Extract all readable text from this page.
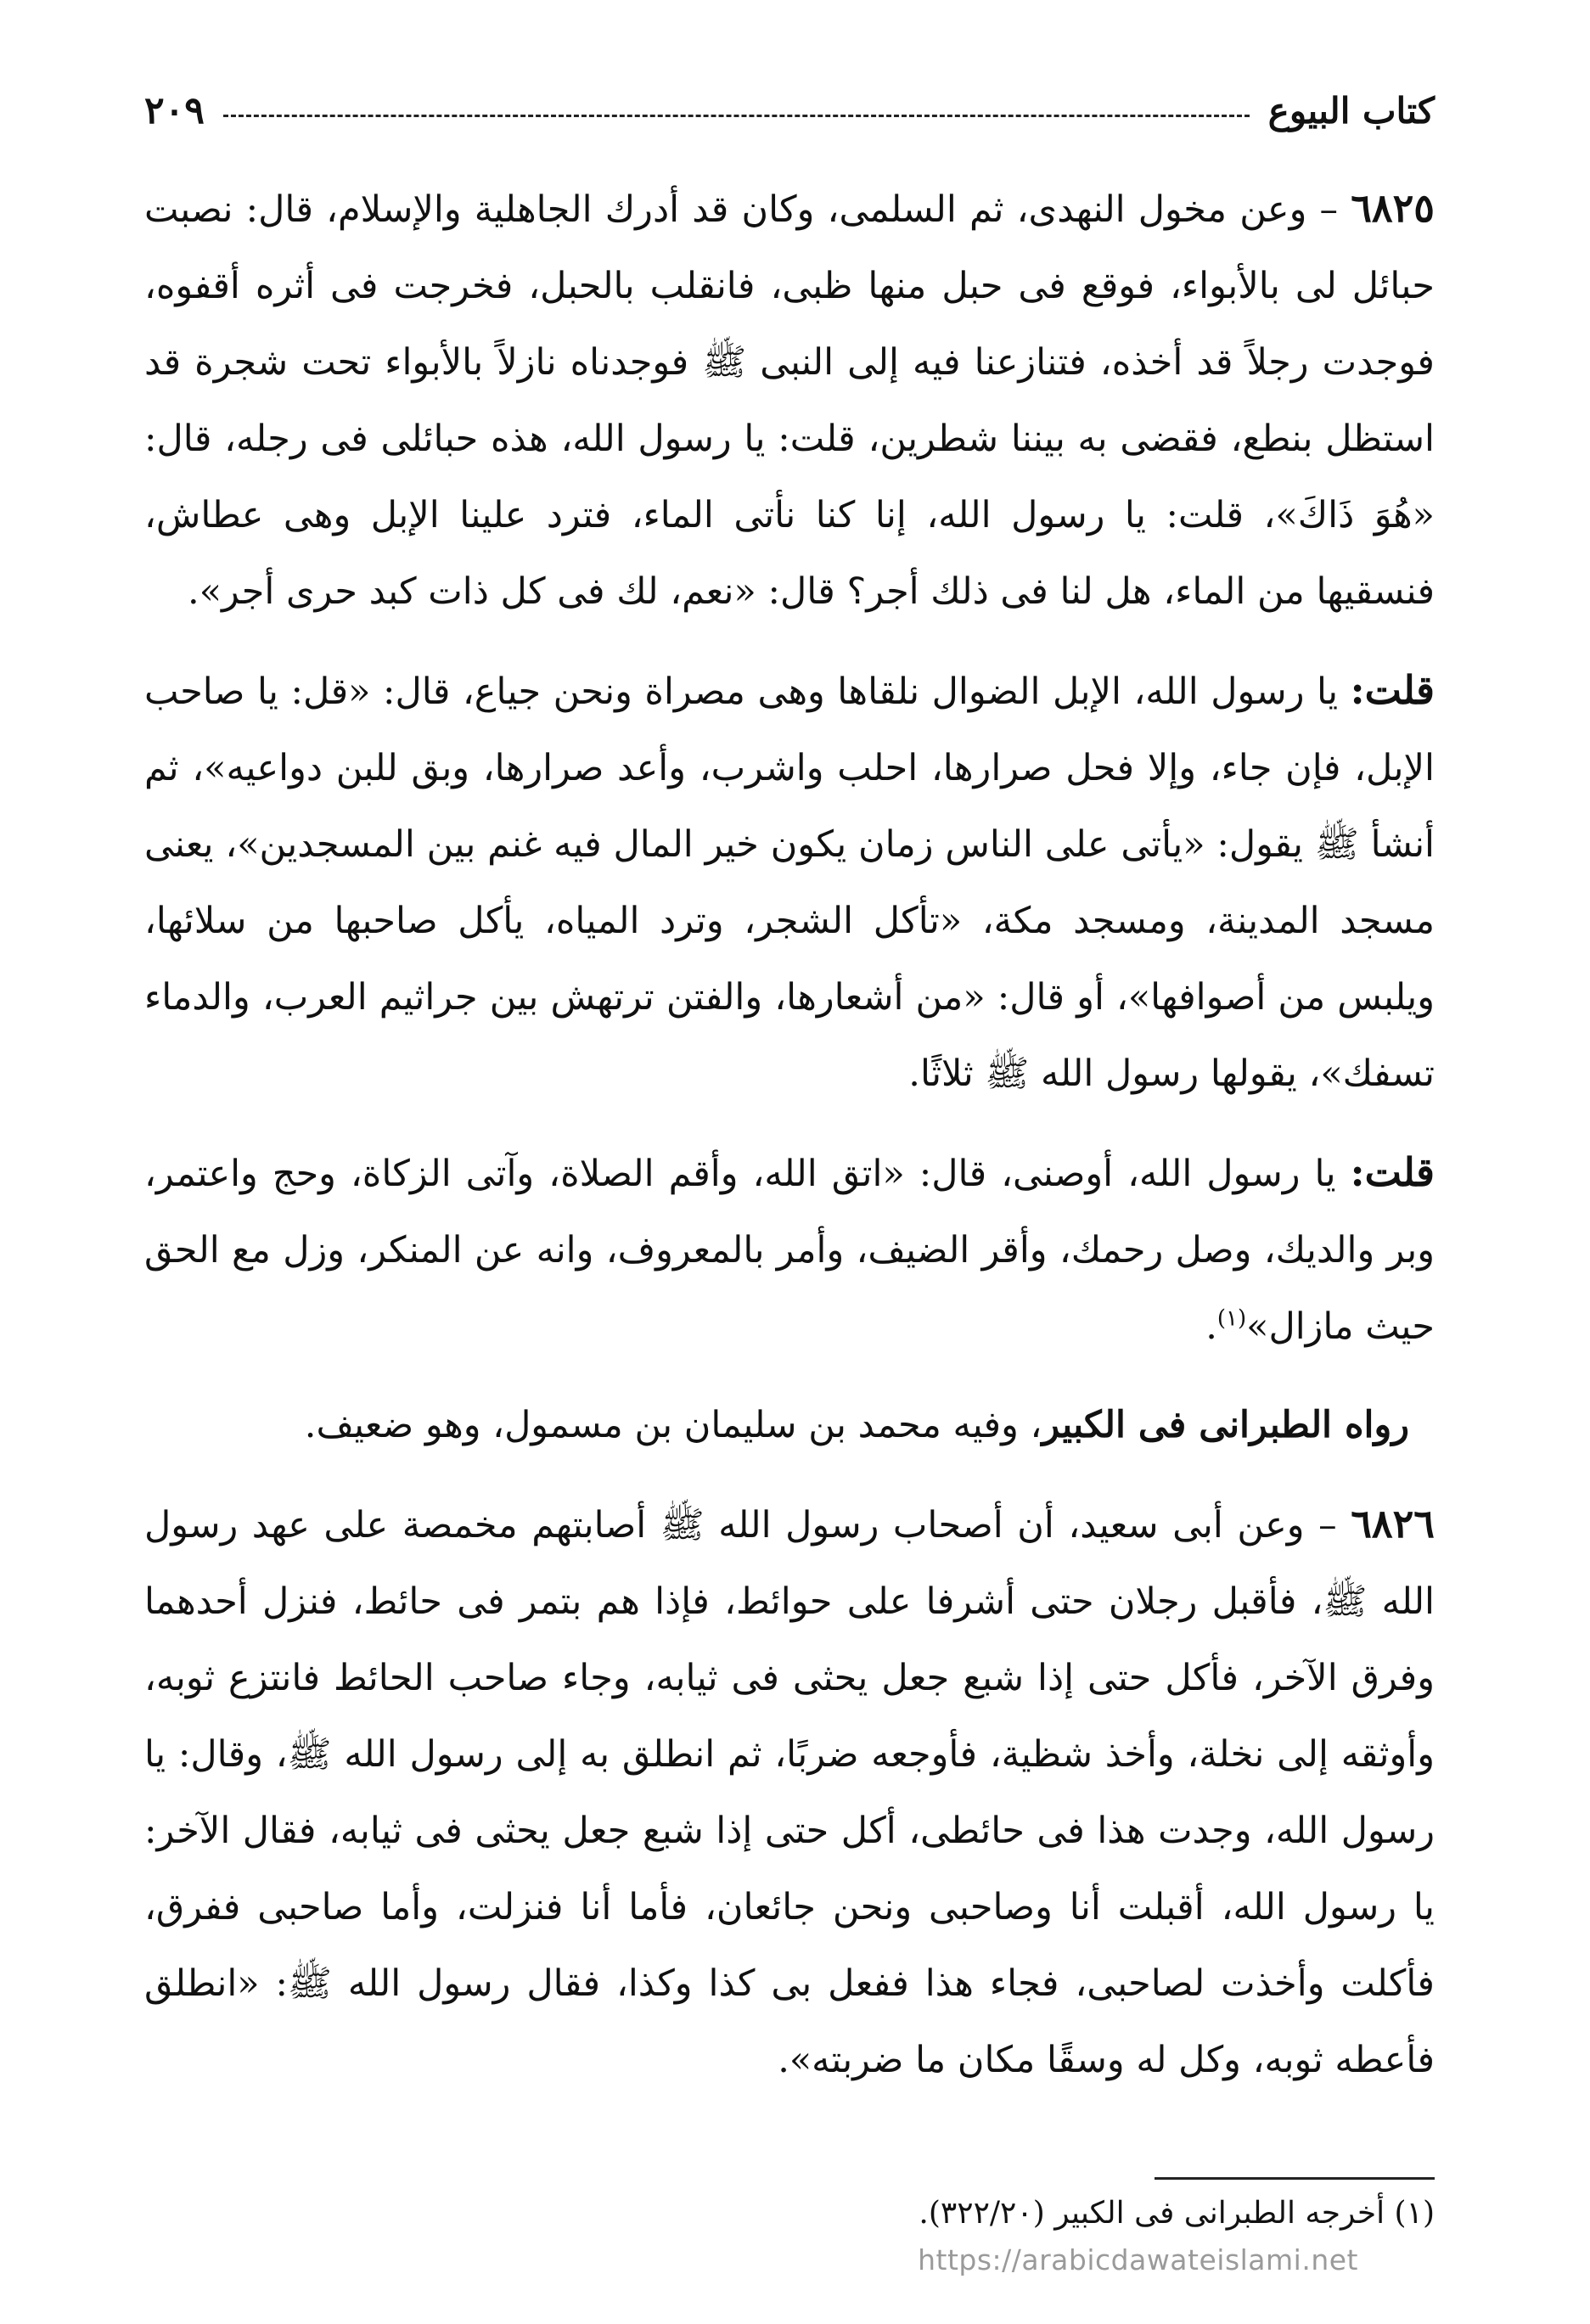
كتاب البيوع
٢٠٩

٦٨٢٥ – وعن مخول النهدى، ثم السلمى، وكان قد أدرك الجاهلية والإسلام، قال: نصبت حبائل لى بالأبواء، فوقع فى حبل منها ظبى، فانقلب بالحبل، فخرجت فى أثره أقفوه، فوجدت رجلاً قد أخذه، فتنازعنا فيه إلى النبى ﷺ فوجدناه نازلاً بالأبواء تحت شجرة قد استظل بنطع، فقضى به بيننا شطرين، قلت: يا رسول الله، هذه حبائلى فى رجله، قال: «هُوَ ذَاكَ»، قلت: يا رسول الله، إنا كنا نأتى الماء، فترد علينا الإبل وهى عطاش، فنسقيها من الماء، هل لنا فى ذلك أجر؟ قال: «نعم، لك فى كل ذات كبد حرى أجر».

قلت: يا رسول الله، الإبل الضوال نلقاها وهى مصراة ونحن جياع، قال: «قل: يا صاحب الإبل، فإن جاء، وإلا فحل صرارها، احلب واشرب، وأعد صرارها، وبق للبن دواعيه»، ثم أنشأ ﷺ يقول: «يأتى على الناس زمان يكون خير المال فيه غنم بين المسجدين»، يعنى مسجد المدينة، ومسجد مكة، «تأكل الشجر، وترد المياه، يأكل صاحبها من سلائها، ويلبس من أصوافها»، أو قال: «من أشعارها، والفتن ترتهش بين جراثيم العرب، والدماء تسفك»، يقولها رسول الله ﷺ ثلاثًا.

قلت: يا رسول الله، أوصنى، قال: «اتق الله، وأقم الصلاة، وآتى الزكاة، وحج واعتمر، وبر والديك، وصل رحمك، وأقر الضيف، وأمر بالمعروف، وانه عن المنكر، وزل مع الحق حيث مازال»$^{(١)}$.

رواه الطبرانى فى الكبير، وفيه محمد بن سليمان بن مسمول، وهو ضعيف.

٦٨٢٦ – وعن أبى سعيد، أن أصحاب رسول الله ﷺ أصابتهم مخمصة على عهد رسول الله ﷺ، فأقبل رجلان حتى أشرفا على حوائط، فإذا هم بتمر فى حائط، فنزل أحدهما وفرق الآخر، فأكل حتى إذا شبع جعل يحثى فى ثيابه، وجاء صاحب الحائط فانتزع ثوبه، وأوثقه إلى نخلة، وأخذ شظية، فأوجعه ضربًا، ثم انطلق به إلى رسول الله ﷺ، وقال: يا رسول الله، وجدت هذا فى حائطى، أكل حتى إذا شبع جعل يحثى فى ثيابه، فقال الآخر: يا رسول الله، أقبلت أنا وصاحبى ونحن جائعان، فأما أنا فنزلت، وأما صاحبى ففرق، فأكلت وأخذت لصاحبى، فجاء هذا ففعل بى كذا وكذا، فقال رسول الله ﷺ: «انطلق فأعطه ثوبه، وكل له وسقًا مكان ما ضربته».

(١) أخرجه الطبرانى فى الكبير (٣٢٢/٢٠).
https://arabicdawateislami.net
